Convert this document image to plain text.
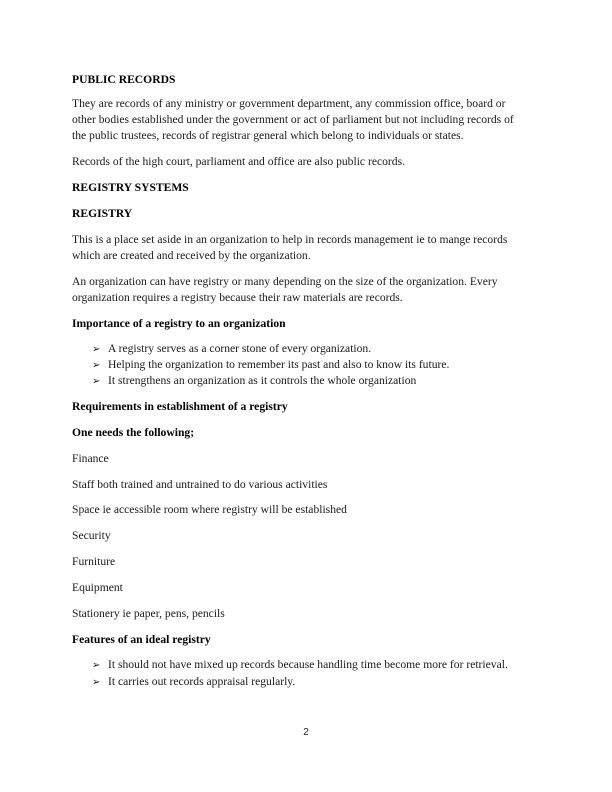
PUBLIC RECORDS
They are records of any ministry or government department, any commission office, board or
other bodies established under the government or act of parliament but not including records of
the public trustees, records of registrar general which belong to individuals or states.
Records of the high court, parliament and office are also public records.
REGISTRY SYSTEMS
REGISTRY
This is a place set aside in an organization to help in records management ie to mange records
which are created and received by the organization.
An organization can have registry or many depending on the size of the organization. Every
organization requires a registry because their raw materials are records.
Importance of a registry to an organization
➢ A registry serves as a corner stone of every organization.
➢ Helping the organization to remember its past and also to know its future.
➢ It strengthens an organization as it controls the whole organization
Requirements in establishment of a registry
One needs the following;
Finance
Staff both trained and untrained to do various activities
Space ie accessible room where registry will be established
Security
Furniture
Equipment
Stationery ie paper, pens, pencils
Features of an ideal registry
➢ It should not have mixed up records because handling time become more for retrieval.
➢ It carries out records appraisal regularly.
2
